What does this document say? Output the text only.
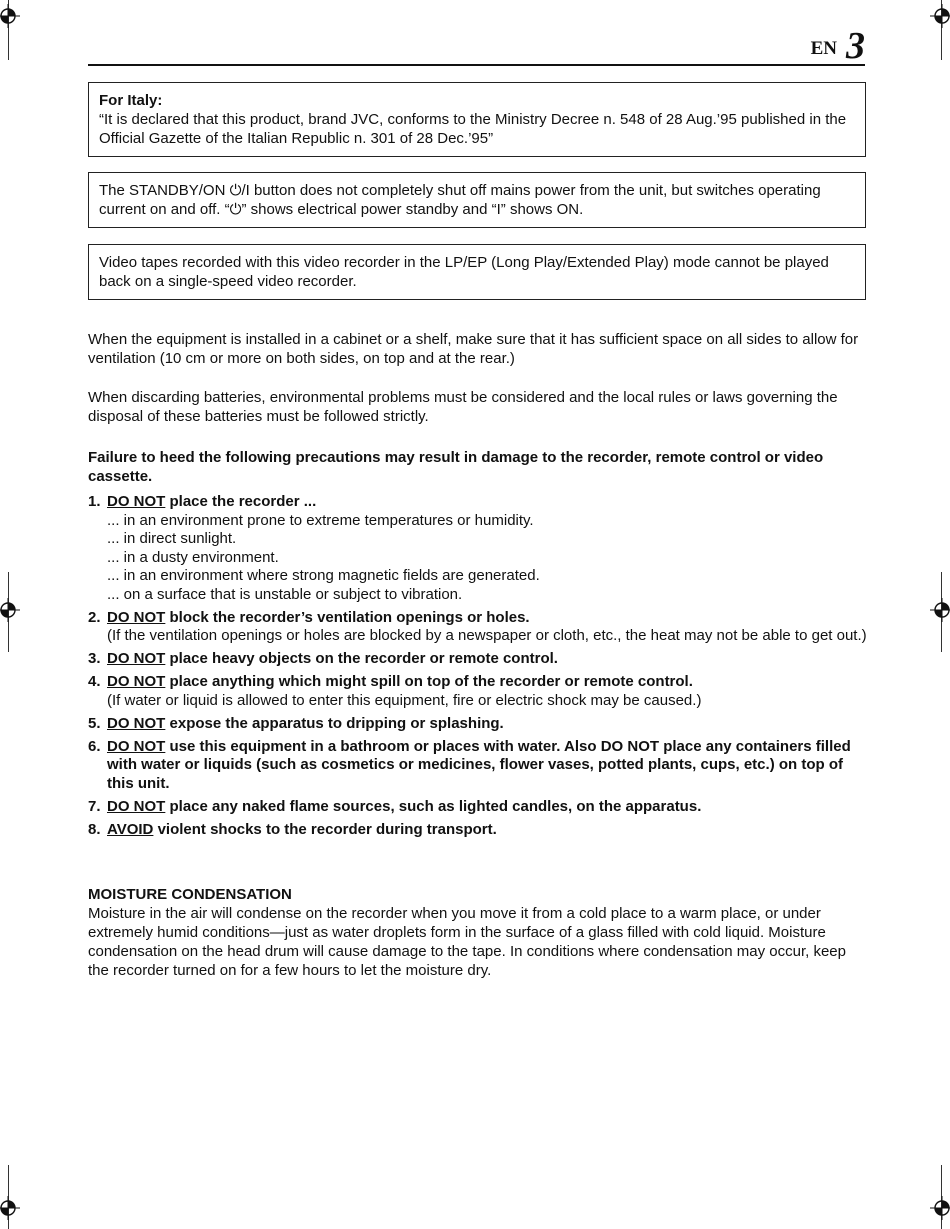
EN 3
For Italy:
“It is declared that this product, brand JVC, conforms to the Ministry Decree n. 548 of 28 Aug.’95 published in the Official Gazette of the Italian Republic n. 301 of 28 Dec.’95”
The STANDBY/ON ⏻/I button does not completely shut off mains power from the unit, but switches operating current on and off. “⏻” shows electrical power standby and “I” shows ON.
Video tapes recorded with this video recorder in the LP/EP (Long Play/Extended Play) mode cannot be played back on a single-speed video recorder.
When the equipment is installed in a cabinet or a shelf, make sure that it has sufficient space on all sides to allow for ventilation (10 cm or more on both sides, on top and at the rear.)
When discarding batteries, environmental problems must be considered and the local rules or laws governing the disposal of these batteries must be followed strictly.
Failure to heed the following precautions may result in damage to the recorder, remote control or video cassette.
1. DO NOT place the recorder ...
... in an environment prone to extreme temperatures or humidity.
... in direct sunlight.
... in a dusty environment.
... in an environment where strong magnetic fields are generated.
... on a surface that is unstable or subject to vibration.
2. DO NOT block the recorder’s ventilation openings or holes.
(If the ventilation openings or holes are blocked by a newspaper or cloth, etc., the heat may not be able to get out.)
3. DO NOT place heavy objects on the recorder or remote control.
4. DO NOT place anything which might spill on top of the recorder or remote control.
(If water or liquid is allowed to enter this equipment, fire or electric shock may be caused.)
5. DO NOT expose the apparatus to dripping or splashing.
6. DO NOT use this equipment in a bathroom or places with water. Also DO NOT place any containers filled with water or liquids (such as cosmetics or medicines, flower vases, potted plants, cups, etc.) on top of this unit.
7. DO NOT place any naked flame sources, such as lighted candles, on the apparatus.
8. AVOID violent shocks to the recorder during transport.
MOISTURE CONDENSATION
Moisture in the air will condense on the recorder when you move it from a cold place to a warm place, or under extremely humid conditions—just as water droplets form in the surface of a glass filled with cold liquid. Moisture condensation on the head drum will cause damage to the tape. In conditions where condensation may occur, keep the recorder turned on for a few hours to let the moisture dry.
